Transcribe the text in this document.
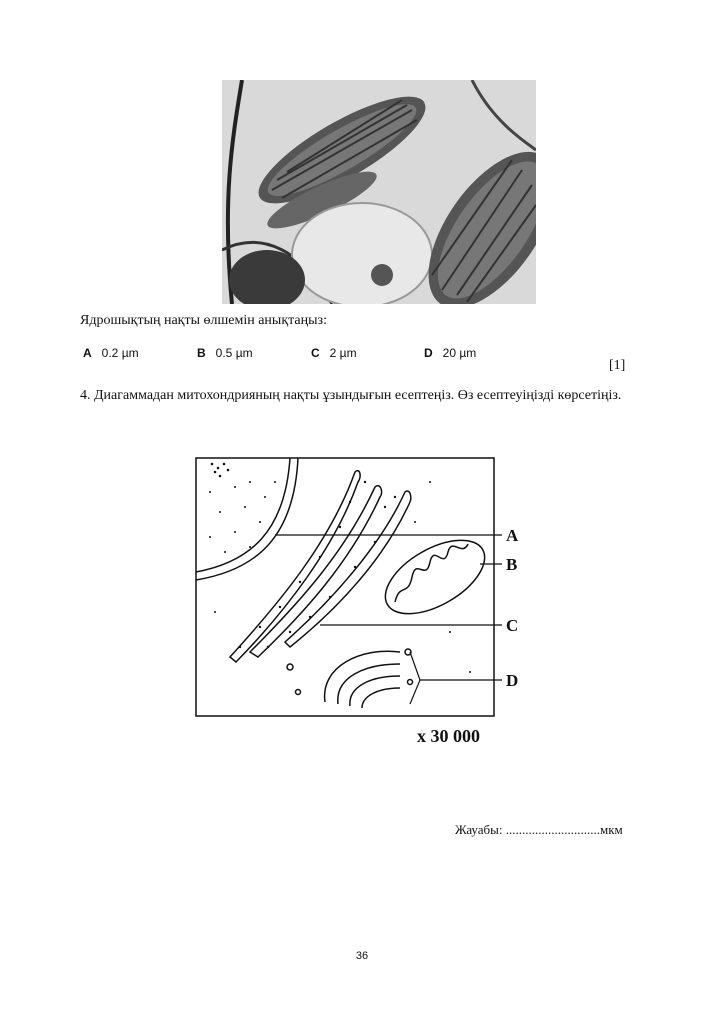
Ядрошықтың нақты өлшемін анықтаңыз:
A 0.2 µm	B 0.5 µm	C 2 µm	D 20 µm
[1]
4. Диагаммадан митохондрияның нақты ұзындығын есептеңіз. Өз есептеуіңізді көрсетіңіз.
A
B
C
D
x 30 000
Жауабы: .............................мкм
36
